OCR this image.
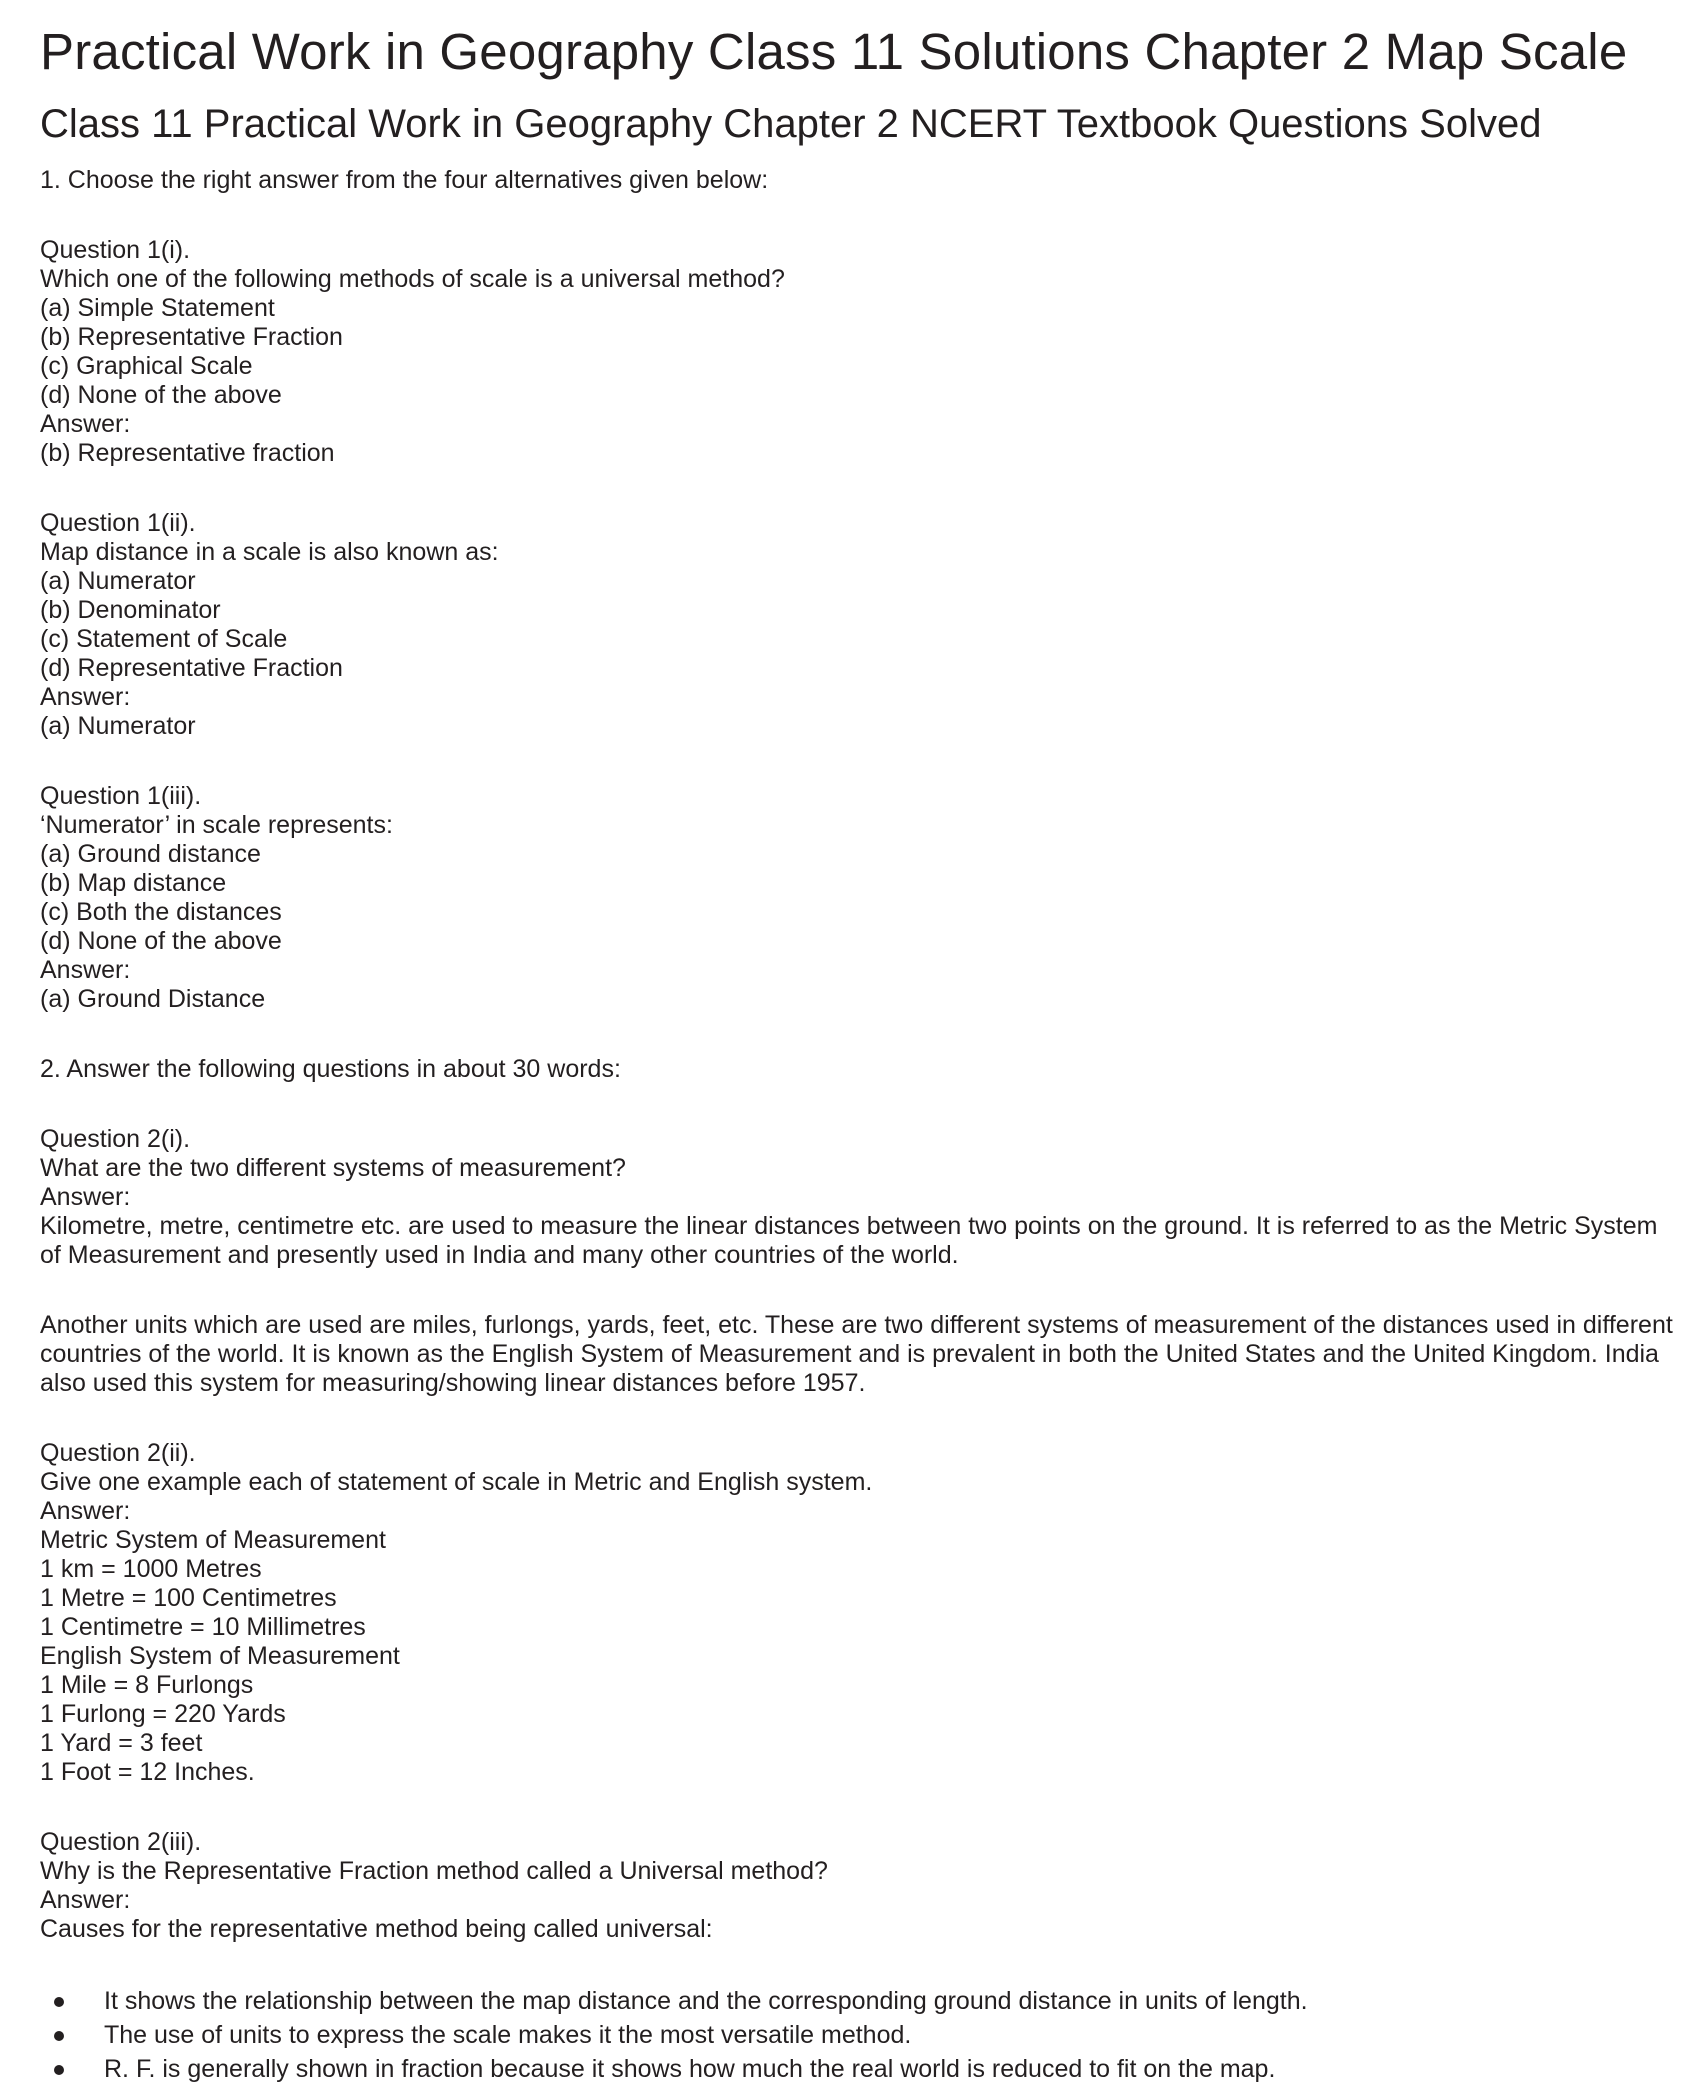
Practical Work in Geography Class 11 Solutions Chapter 2 Map Scale
Class 11 Practical Work in Geography Chapter 2 NCERT Textbook Questions Solved

1. Choose the right answer from the four alternatives given below:

Question 1(i).

Which one of the following methods of scale is a universal method?

(a) Simple Statement

(b) Representative Fraction

(c) Graphical Scale

(d) None of the above

Answer:

(b) Representative fraction

Question 1(ii).

Map distance in a scale is also known as:

(a) Numerator

(b) Denominator

(c) Statement of Scale

(d) Representative Fraction

Answer:

(a) Numerator

Question 1(iii).

‘Numerator’ in scale represents:

(a) Ground distance

(b) Map distance

(c) Both the distances

(d) None of the above

Answer:

(a) Ground Distance

2. Answer the following questions in about 30 words:

Question 2(i).

What are the two different systems of measurement?

Answer:

Kilometre, metre, centimetre etc. are used to measure the linear distances between two points on the ground. It is referred to as the Metric System of Measurement and presently used in India and many other countries of the world.

Another units which are used are miles, furlongs, yards, feet, etc. These are two different systems of measurement of the distances used in different countries of the world. It is known as the English System of Measurement and is prevalent in both the United States and the United Kingdom. India also used this system for measuring/showing linear distances before 1957.

Question 2(ii).

Give one example each of statement of scale in Metric and English system.

Answer:

Metric System of Measurement

1 km = 1000 Metres

1 Metre = 100 Centimetres

1 Centimetre = 10 Millimetres

English System of Measurement

1 Mile = 8 Furlongs

1 Furlong = 220 Yards

1 Yard = 3 feet

1 Foot = 12 Inches.

Question 2(iii).

Why is the Representative Fraction method called a Universal method?

Answer:

Causes for the representative method being called universal:

It shows the relationship between the map distance and the corresponding ground distance in units of length.
The use of units to express the scale makes it the most versatile method.
R. F. is generally shown in fraction because it shows how much the real world is reduced to fit on the map.
